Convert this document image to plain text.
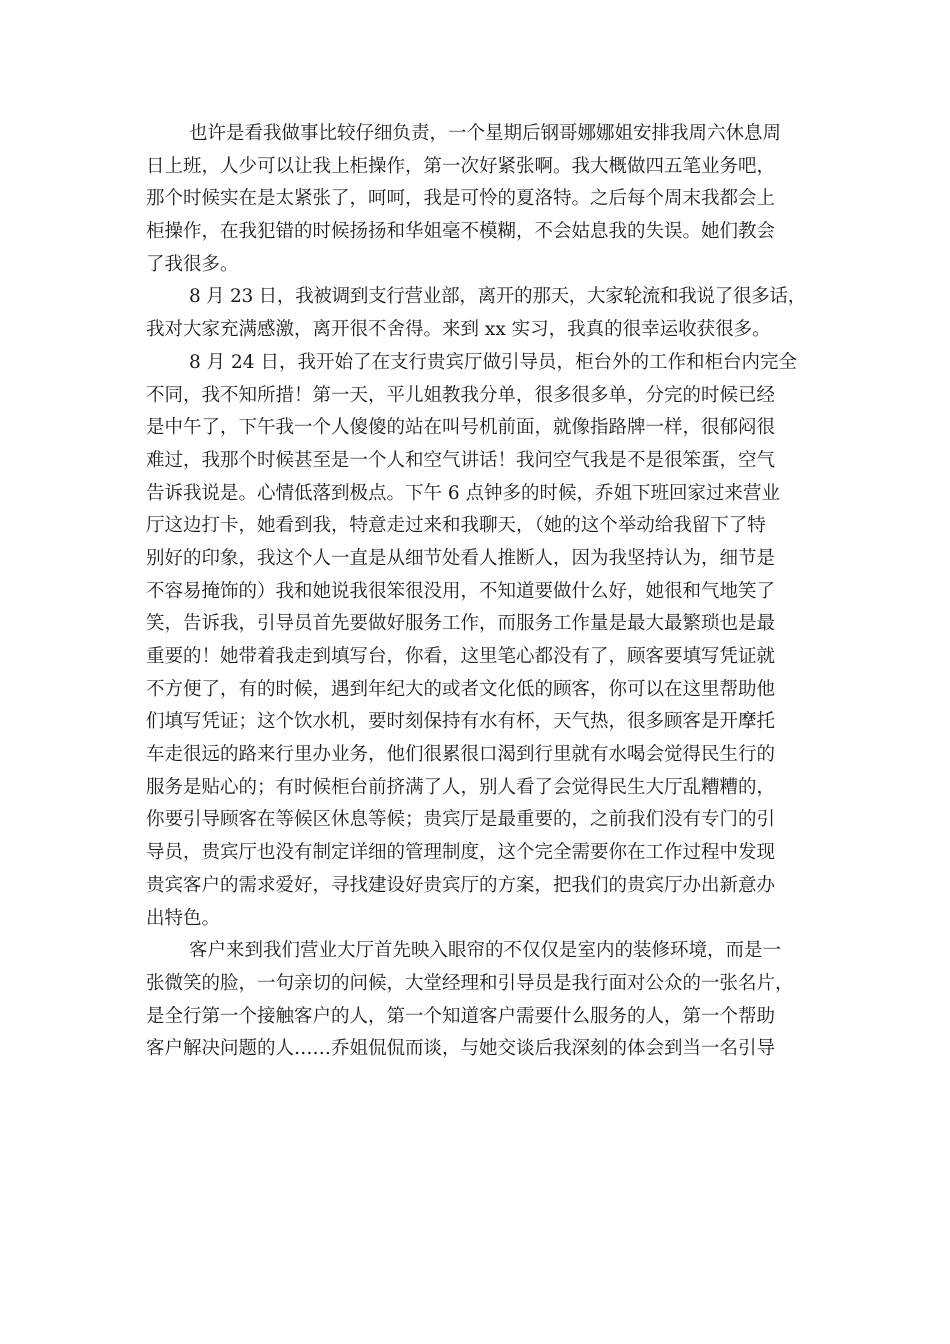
也许是看我做事比较仔细负责，一个星期后钢哥娜娜姐安排我周六休息周
日上班，人少可以让我上柜操作，第一次好紧张啊。我大概做四五笔业务吧，
那个时候实在是太紧张了，呵呵，我是可怜的夏洛特。之后每个周末我都会上
柜操作，在我犯错的时候扬扬和华姐毫不模糊，不会姑息我的失误。她们教会
了我很多。
8 月 23 日，我被调到支行营业部，离开的那天，大家轮流和我说了很多话，
我对大家充满感激，离开很不舍得。来到 xx 实习，我真的很幸运收获很多。
8 月 24 日，我开始了在支行贵宾厅做引导员，柜台外的工作和柜台内完全
不同，我不知所措！第一天，平儿姐教我分单，很多很多单，分完的时候已经
是中午了，下午我一个人傻傻的站在叫号机前面，就像指路牌一样，很郁闷很
难过，我那个时候甚至是一个人和空气讲话！我问空气我是不是很笨蛋，空气
告诉我说是。心情低落到极点。下午 6 点钟多的时候，乔姐下班回家过来营业
厅这边打卡，她看到我，特意走过来和我聊天，（她的这个举动给我留下了特
别好的印象，我这个人一直是从细节处看人推断人，因为我坚持认为，细节是
不容易掩饰的）我和她说我很笨很没用，不知道要做什么好，她很和气地笑了
笑，告诉我，引导员首先要做好服务工作，而服务工作量是最大最繁琐也是最
重要的！她带着我走到填写台，你看，这里笔心都没有了，顾客要填写凭证就
不方便了，有的时候，遇到年纪大的或者文化低的顾客，你可以在这里帮助他
们填写凭证；这个饮水机，要时刻保持有水有杯，天气热，很多顾客是开摩托
车走很远的路来行里办业务，他们很累很口渴到行里就有水喝会觉得民生行的
服务是贴心的；有时候柜台前挤满了人，别人看了会觉得民生大厅乱糟糟的，
你要引导顾客在等候区休息等候；贵宾厅是最重要的，之前我们没有专门的引
导员，贵宾厅也没有制定详细的管理制度，这个完全需要你在工作过程中发现
贵宾客户的需求爱好，寻找建设好贵宾厅的方案，把我们的贵宾厅办出新意办
出特色。
客户来到我们营业大厅首先映入眼帘的不仅仅是室内的装修环境，而是一
张微笑的脸，一句亲切的问候，大堂经理和引导员是我行面对公众的一张名片，
是全行第一个接触客户的人，第一个知道客户需要什么服务的人，第一个帮助
客户解决问题的人……乔姐侃侃而谈，与她交谈后我深刻的体会到当一名引导
